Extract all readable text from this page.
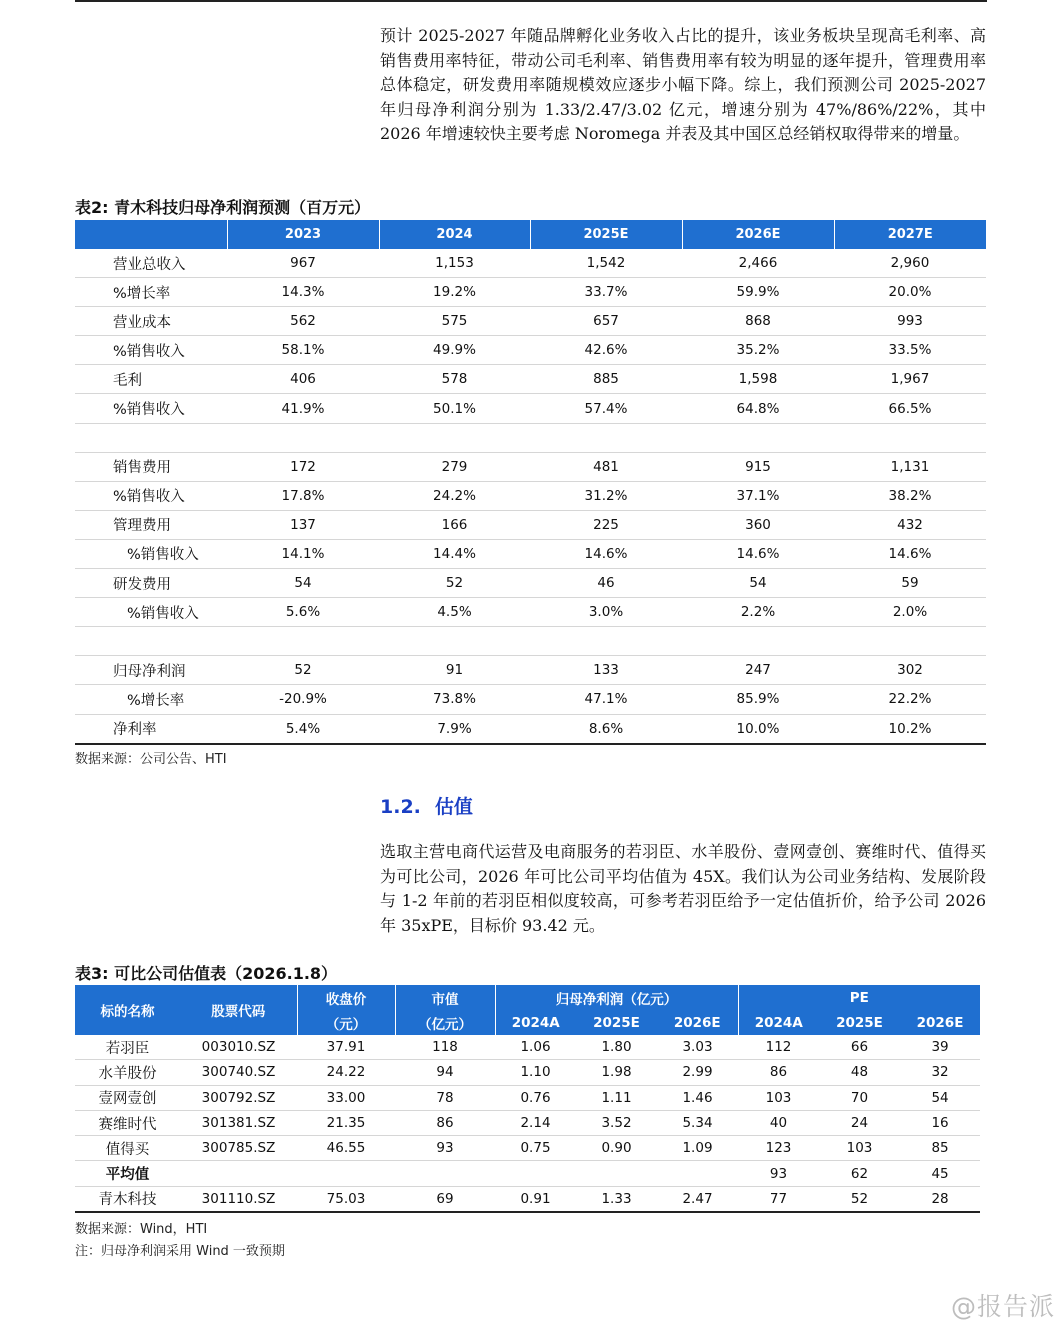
预计 2025-2027 年随品牌孵化业务收入占比的提升，该业务板块呈现高毛利率、高销售费用率特征，带动公司毛利率、销售费用率有较为明显的逐年提升，管理费用率总体稳定，研发费用率随规模效应逐步小幅下降。综上，我们预测公司 2025-2027 年归母净利润分别为 1.33/2.47/3.02 亿元，增速分别为 47%/86%/22%，其中 2026 年增速较快主要考虑 Noromega 并表及其中国区总经销权取得带来的增量。

表2: 青木科技归母净利润预测（百万元）
	2023	2024	2025E	2026E	2027E
营业总收入	967	1,153	1,542	2,466	2,960
%增长率	14.3%	19.2%	33.7%	59.9%	20.0%
营业成本	562	575	657	868	993
%销售收入	58.1%	49.9%	42.6%	35.2%	33.5%
毛利	406	578	885	1,598	1,967
%销售收入	41.9%	50.1%	57.4%	64.8%	66.5%

销售费用	172	279	481	915	1,131
%销售收入	17.8%	24.2%	31.2%	37.1%	38.2%
管理费用	137	166	225	360	432
%销售收入	14.1%	14.4%	14.6%	14.6%	14.6%
研发费用	54	52	46	54	59
%销售收入	5.6%	4.5%	3.0%	2.2%	2.0%

归母净利润	52	91	133	247	302
%增长率	-20.9%	73.8%	47.1%	85.9%	22.2%
净利率	5.4%	7.9%	8.6%	10.0%	10.2%
数据来源：公司公告、HTI
1.2. 估值

选取主营电商代运营及电商服务的若羽臣、水羊股份、壹网壹创、赛维时代、值得买为可比公司，2026 年可比公司平均估值为 45X。我们认为公司业务结构、发展阶段与 1-2 年前的若羽臣相似度较高，可参考若羽臣给予一定估值折价，给予公司 2026 年 35xPE，目标价 93.42 元。

表3: 可比公司估值表（2026.1.8）
标的名称	股票代码	收盘价	市值	归母净利润（亿元）			PE		
		（元）	（亿元）	2024A	2025E	2026E	2024A	2025E	2026E
若羽臣	003010.SZ	37.91	118	1.06	1.80	3.03	112	66	39
水羊股份	300740.SZ	24.22	94	1.10	1.98	2.99	86	48	32
壹网壹创	300792.SZ	33.00	78	0.76	1.11	1.46	103	70	54
赛维时代	301381.SZ	21.35	86	2.14	3.52	5.34	40	24	16
值得买	300785.SZ	46.55	93	0.75	0.90	1.09	123	103	85
平均值							93	62	45
青木科技	301110.SZ	75.03	69	0.91	1.33	2.47	77	52	28
数据来源：Wind，HTI
注：归母净利润采用 Wind 一致预期
@报告派
